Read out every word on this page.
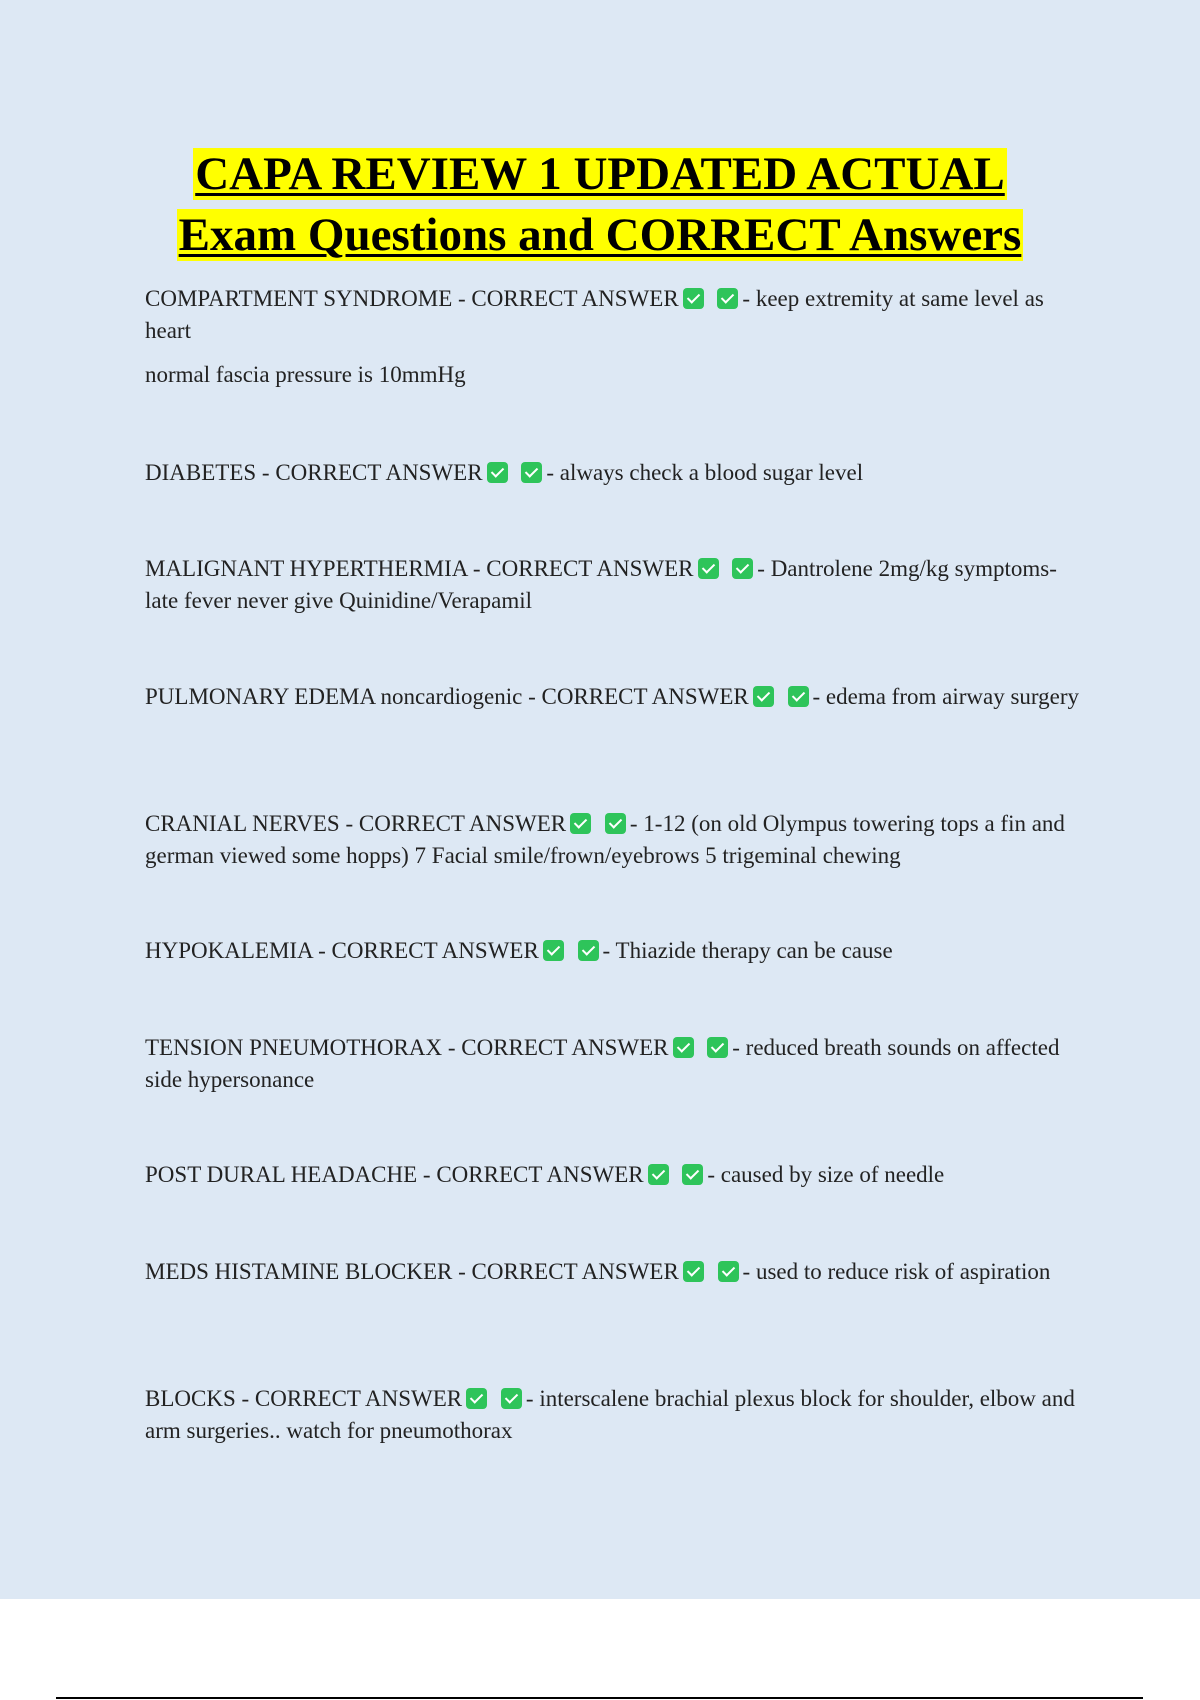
CAPA REVIEW 1 UPDATED ACTUAL
Exam Questions and CORRECT Answers
COMPARTMENT SYNDROME - CORRECT ANSWER	- keep extremity at same level as heart
normal fascia pressure is 10mmHg
DIABETES - CORRECT ANSWER	- always check a blood sugar level
MALIGNANT HYPERTHERMIA - CORRECT ANSWER	- Dantrolene 2mg/kg symptoms-late fever never give Quinidine/Verapamil
PULMONARY EDEMA noncardiogenic - CORRECT ANSWER	- edema from airway surgery
CRANIAL NERVES - CORRECT ANSWER	- 1-12 (on old Olympus towering tops a fin and german viewed some hopps) 7 Facial smile/frown/eyebrows 5 trigeminal chewing
HYPOKALEMIA - CORRECT ANSWER	- Thiazide therapy can be cause
TENSION PNEUMOTHORAX - CORRECT ANSWER	- reduced breath sounds on affected side hypersonance
POST DURAL HEADACHE - CORRECT ANSWER	- caused by size of needle
MEDS HISTAMINE BLOCKER - CORRECT ANSWER	- used to reduce risk of aspiration
BLOCKS - CORRECT ANSWER	- interscalene brachial plexus block for shoulder, elbow and arm surgeries.. watch for pneumothorax
